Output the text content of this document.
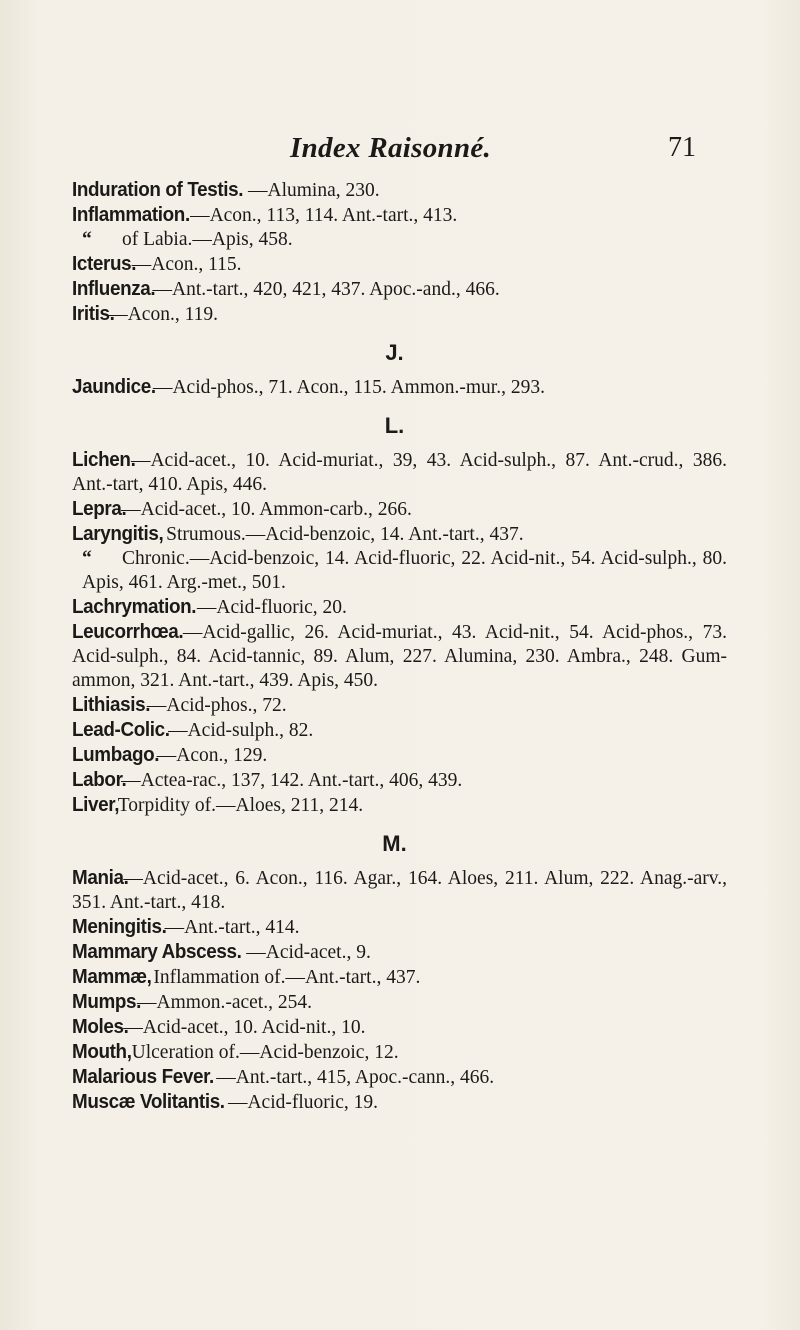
Index Raisonné.	71
Induration of Testis. —Alumina, 230.
Inflammation.—Acon., 113, 114. Ant.-tart., 413.
“ of Labia.—Apis, 458.
Icterus.—Acon., 115.
Influenza.—Ant.-tart., 420, 421, 437. Apoc.-and., 466.
Iritis.—Acon., 119.
J.
Jaundice.—Acid-phos., 71. Acon., 115. Ammon.-mur., 293.
L.
Lichen.—Acid-acet., 10. Acid-muriat., 39, 43. Acid-sulph., 87. Ant.-crud., 386. Ant.-tart, 410. Apis, 446.
Lepra.—Acid-acet., 10. Ammon-carb., 266.
Laryngitis, Strumous.—Acid-benzoic, 14. Ant.-tart., 437.
“ Chronic.—Acid-benzoic, 14. Acid-fluoric, 22. Acid-nit., 54. Acid-sulph., 80. Apis, 461. Arg.-met., 501.
Lachrymation.—Acid-fluoric, 20.
Leucorrhœa.—Acid-gallic, 26. Acid-muriat., 43. Acid-nit., 54. Acid-phos., 73. Acid-sulph., 84. Acid-tannic, 89. Alum, 227. Alumina, 230. Ambra., 248. Gum-ammon, 321. Ant.-tart., 439. Apis, 450.
Lithiasis.—Acid-phos., 72.
Lead-Colic.—Acid-sulph., 82.
Lumbago.—Acon., 129.
Labor.—Actea-rac., 137, 142. Ant.-tart., 406, 439.
Liver, Torpidity of.—Aloes, 211, 214.
M.
Mania.—Acid-acet., 6. Acon., 116. Agar., 164. Aloes, 211. Alum, 222. Anag.-arv., 351. Ant.-tart., 418.
Meningitis.—Ant.-tart., 414.
Mammary Abscess. —Acid-acet., 9.
Mammæ, Inflammation of.—Ant.-tart., 437.
Mumps.—Ammon.-acet., 254.
Moles.—Acid-acet., 10. Acid-nit., 10.
Mouth, Ulceration of.—Acid-benzoic, 12.
Malarious Fever. —Ant.-tart., 415, Apoc.-cann., 466.
Muscæ Volitantis. —Acid-fluoric, 19.
